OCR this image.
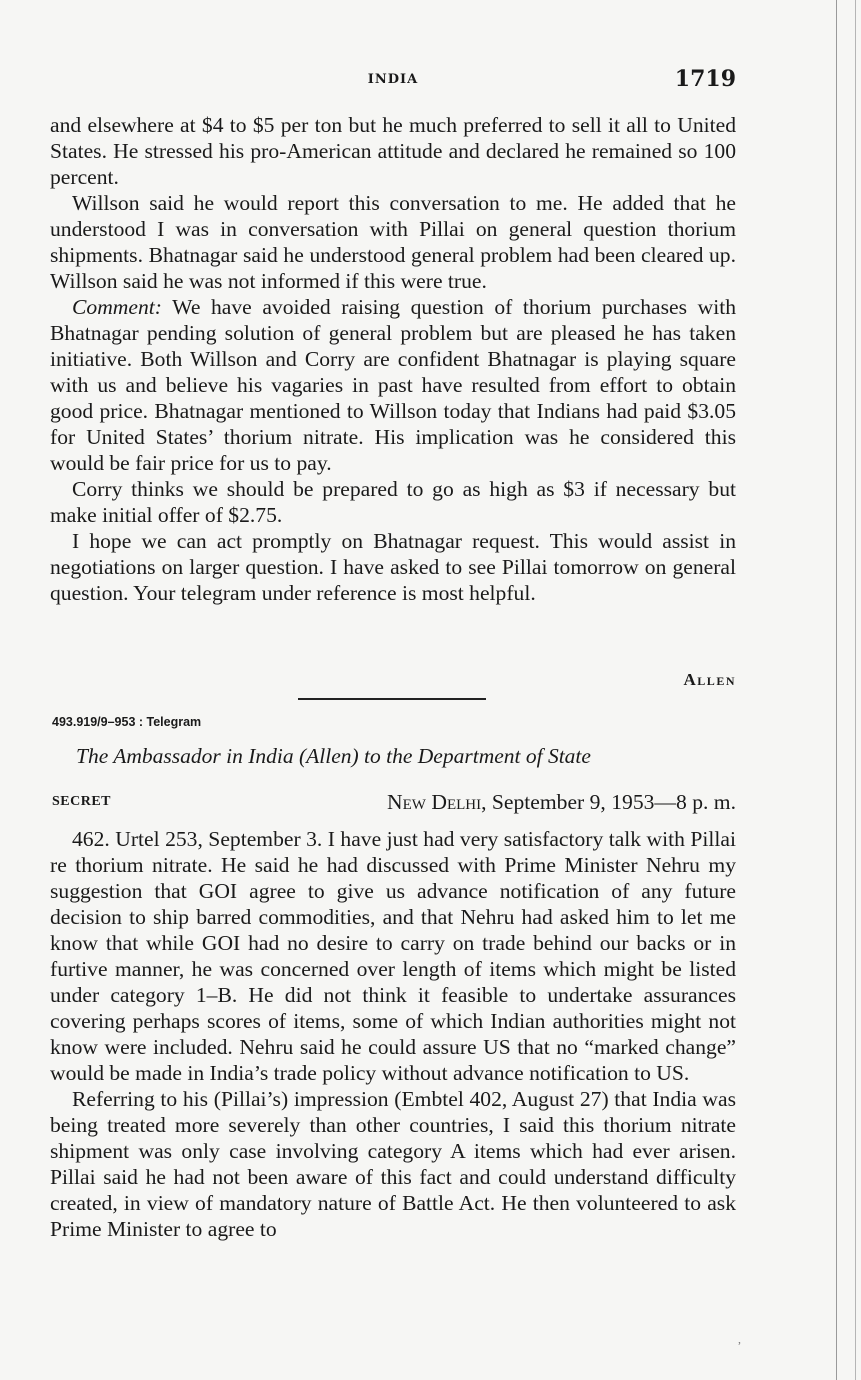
INDIA	1719

and elsewhere at $4 to $5 per ton but he much preferred to sell it all to United States. He stressed his pro-American attitude and declared he remained so 100 percent.

Willson said he would report this conversation to me. He added that he understood I was in conversation with Pillai on general question thorium shipments. Bhatnagar said he understood general problem had been cleared up. Willson said he was not informed if this were true.

Comment: We have avoided raising question of thorium purchases with Bhatnagar pending solution of general problem but are pleased he has taken initiative. Both Willson and Corry are confident Bhatnagar is playing square with us and believe his vagaries in past have resulted from effort to obtain good price. Bhatnagar mentioned to Willson today that Indians had paid $3.05 for United States’ thorium nitrate. His implication was he considered this would be fair price for us to pay.

Corry thinks we should be prepared to go as high as $3 if necessary but make initial offer of $2.75.

I hope we can act promptly on Bhatnagar request. This would assist in negotiations on larger question. I have asked to see Pillai tomorrow on general question. Your telegram under reference is most helpful.

Allen
493.919/9–953 : Telegram
The Ambassador in India (Allen) to the Department of State
SECRET	New Delhi, September 9, 1953—8 p. m.

462. Urtel 253, September 3. I have just had very satisfactory talk with Pillai re thorium nitrate. He said he had discussed with Prime Minister Nehru my suggestion that GOI agree to give us advance notification of any future decision to ship barred commodities, and that Nehru had asked him to let me know that while GOI had no desire to carry on trade behind our backs or in furtive manner, he was concerned over length of items which might be listed under category 1–B. He did not think it feasible to undertake assurances covering perhaps scores of items, some of which Indian authorities might not know were included. Nehru said he could assure US that no “marked change” would be made in India’s trade policy without advance notification to US.

Referring to his (Pillai’s) impression (Embtel 402, August 27) that India was being treated more severely than other countries, I said this thorium nitrate shipment was only case involving category A items which had ever arisen. Pillai said he had not been aware of this fact and could understand difficulty created, in view of mandatory nature of Battle Act. He then volunteered to ask Prime Minister to agree to

,
